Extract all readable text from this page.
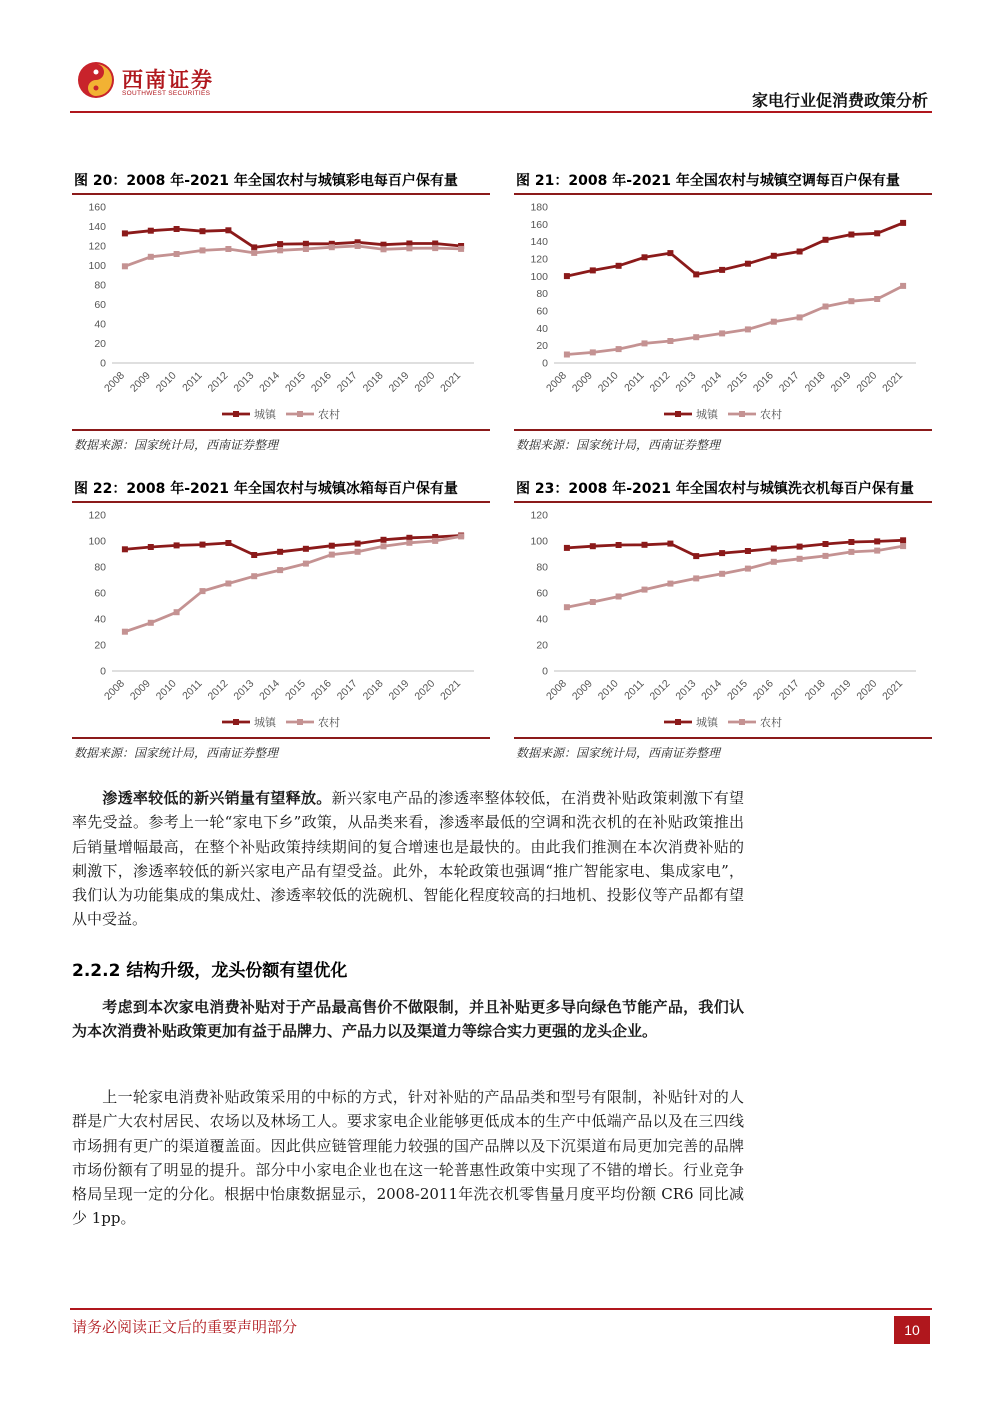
西南证券
SOUTHWEST SECURITIES	家电行业促消费政策分析
图 20：2008 年-2021 年全国农村与城镇彩电每百户保有量
0
20
40
60
80
100
120
140
160
2008 2009 2010 2011 2012 2013 2014 2015 2016 2017 2018 2019 2020 2021
城镇	农村
数据来源：国家统计局，西南证券整理
图 21：2008 年-2021 年全国农村与城镇空调每百户保有量
0
20
40
60
80
100
120
140
160
180
2008 2009 2010 2011 2012 2013 2014 2015 2016 2017 2018 2019 2020 2021
城镇	农村
数据来源：国家统计局，西南证券整理
图 22：2008 年-2021 年全国农村与城镇冰箱每百户保有量
0
20
40
60
80
100
120
2008 2009 2010 2011 2012 2013 2014 2015 2016 2017 2018 2019 2020 2021
城镇	农村
数据来源：国家统计局，西南证券整理
图 23：2008 年-2021 年全国农村与城镇洗衣机每百户保有量
0
20
40
60
80
100
120
2008 2009 2010 2011 2012 2013 2014 2015 2016 2017 2018 2019 2020 2021
城镇	农村
数据来源：国家统计局，西南证券整理
渗透率较低的新兴销量有望释放。新兴家电产品的渗透率整体较低，在消费补贴政策刺激下有望率先受益。参考上一轮“家电下乡”政策，从品类来看，渗透率最低的空调和洗衣机的在补贴政策推出后销量增幅最高，在整个补贴政策持续期间的复合增速也是最快的。由此我们推测在本次消费补贴的刺激下，渗透率较低的新兴家电产品有望受益。此外，本轮政策也强调“推广智能家电、集成家电”，我们认为功能集成的集成灶、渗透率较低的洗碗机、智能化程度较高的扫地机、投影仪等产品都有望从中受益。
2.2.2 结构升级，龙头份额有望优化
考虑到本次家电消费补贴对于产品最高售价不做限制，并且补贴更多导向绿色节能产品，我们认为本次消费补贴政策更加有益于品牌力、产品力以及渠道力等综合实力更强的龙头企业。
上一轮家电消费补贴政策采用的中标的方式，针对补贴的产品品类和型号有限制，补贴针对的人群是广大农村居民、农场以及林场工人。要求家电企业能够更低成本的生产中低端产品以及在三四线市场拥有更广的渠道覆盖面。因此供应链管理能力较强的国产品牌以及下沉渠道布局更加完善的品牌市场份额有了明显的提升。部分中小家电企业也在这一轮普惠性政策中实现了不错的增长。行业竞争格局呈现一定的分化。根据中怡康数据显示，2008-2011年洗衣机零售量月度平均份额 CR6 同比减少 1pp。
请务必阅读正文后的重要声明部分	10
